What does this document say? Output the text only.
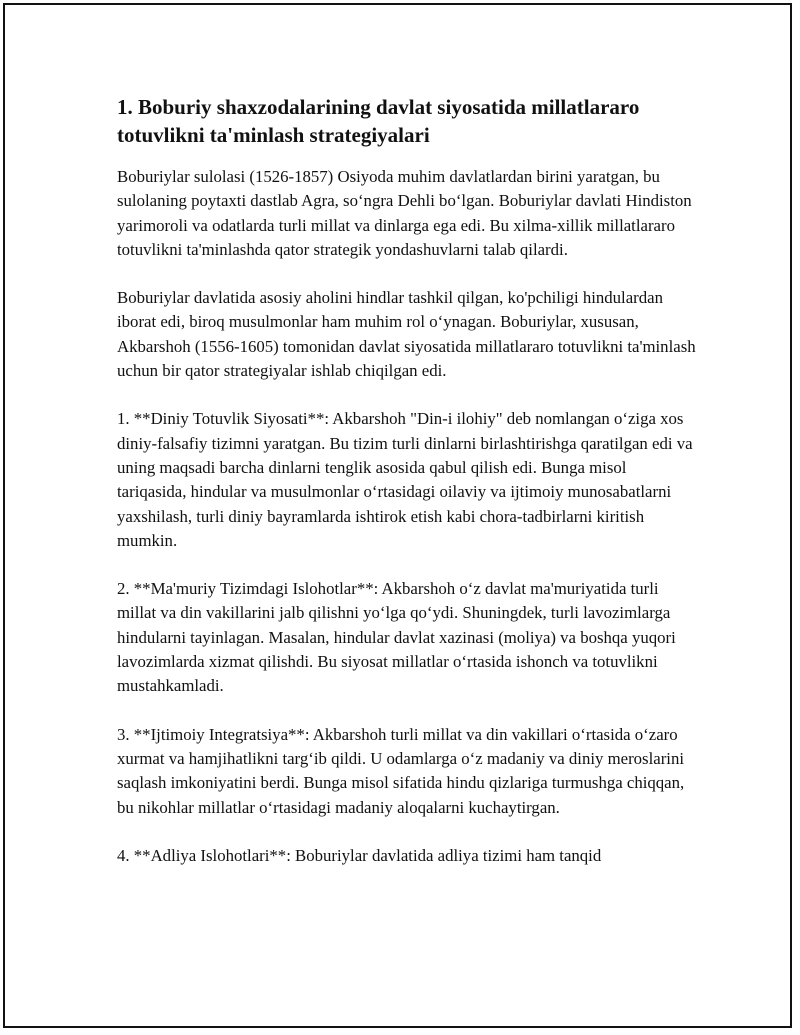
1. Boburiy shaxzodalarining davlat siyosatida millatlararo totuvlikni ta'minlash strategiyalari

Boburiylar sulolasi (1526-1857) Osiyoda muhim davlatlardan birini yaratgan, bu sulolaning poytaxti dastlab Agra, so‘ngra Dehli bo‘lgan. Boburiylar davlati Hindiston yarimoroli va odatlarda turli millat va dinlarga ega edi. Bu xilma-xillik millatlararo totuvlikni ta'minlashda qator strategik yondashuvlarni talab qilardi.

Boburiylar davlatida asosiy aholini hindlar tashkil qilgan, ko'pchiligi hindulardan iborat edi, biroq musulmonlar ham muhim rol o‘ynagan. Boburiylar, xususan, Akbarshoh (1556-1605) tomonidan davlat siyosatida millatlararo totuvlikni ta'minlash uchun bir qator strategiyalar ishlab chiqilgan edi.

1. **Diniy Totuvlik Siyosati**: Akbarshoh "Din-i ilohiy" deb nomlangan o‘ziga xos diniy-falsafiy tizimni yaratgan. Bu tizim turli dinlarni birlashtirishga qaratilgan edi va uning maqsadi barcha dinlarni tenglik asosida qabul qilish edi. Bunga misol tariqasida, hindular va musulmonlar o‘rtasidagi oilaviy va ijtimoiy munosabatlarni yaxshilash, turli diniy bayramlarda ishtirok etish kabi chora-tadbirlarni kiritish mumkin.

2. **Ma'muriy Tizimdagi Islohotlar**: Akbarshoh o‘z davlat ma'muriyatida turli millat va din vakillarini jalb qilishni yo‘lga qo‘ydi. Shuningdek, turli lavozimlarga hindularni tayinlagan. Masalan, hindular davlat xazinasi (moliya) va boshqa yuqori lavozimlarda xizmat qilishdi. Bu siyosat millatlar o‘rtasida ishonch va totuvlikni mustahkamladi.

3. **Ijtimoiy Integratsiya**: Akbarshoh turli millat va din vakillari o‘rtasida o‘zaro xurmat va hamjihatlikni targ‘ib qildi. U odamlarga o‘z madaniy va diniy meroslarini saqlash imkoniyatini berdi. Bunga misol sifatida hindu qizlariga turmushga chiqqan, bu nikohlar millatlar o‘rtasidagi madaniy aloqalarni kuchaytirgan.

4. **Adliya Islohotlari**: Boburiylar davlatida adliya tizimi ham tanqid
